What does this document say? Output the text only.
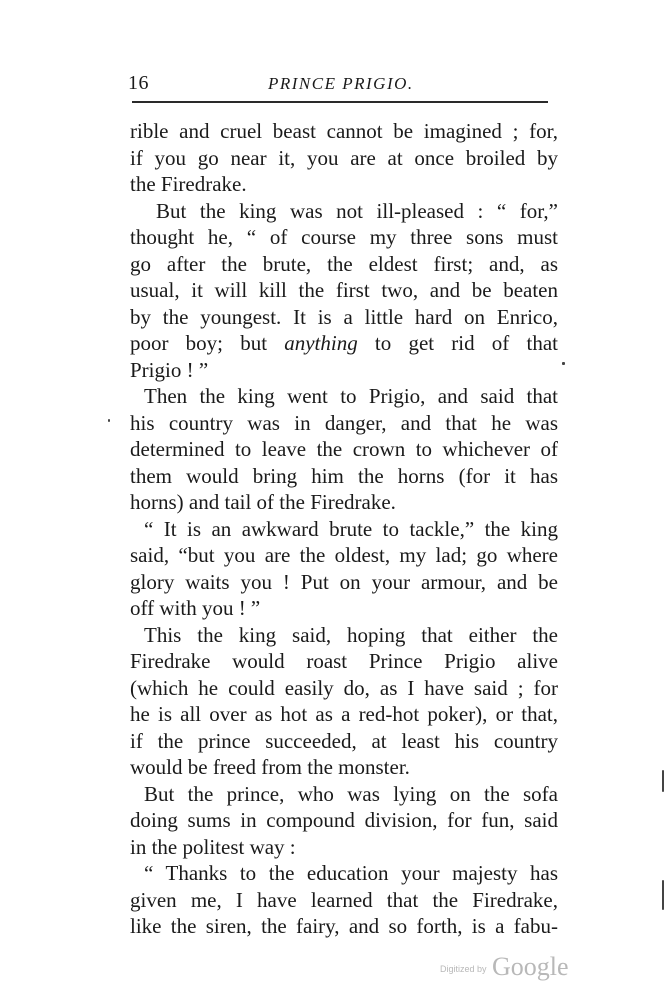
16	PRINCE PRIGIO.
rible and cruel beast cannot be imagined ; for,
if you go near it, you are at once broiled by
the Firedrake.
But the king was not ill-pleased : “ for,”
thought he, “ of course my three sons must
go after the brute, the eldest first; and, as
usual, it will kill the first two, and be beaten
by the youngest. It is a little hard on Enrico,
poor boy; but anything to get rid of that
Prigio ! ”
Then the king went to Prigio, and said that
his country was in danger, and that he was
determined to leave the crown to whichever of
them would bring him the horns (for it has
horns) and tail of the Firedrake.
“ It is an awkward brute to tackle,” the king
said, “but you are the oldest, my lad; go where
glory waits you ! Put on your armour, and be
off with you ! ”
This the king said, hoping that either the
Firedrake would roast Prince Prigio alive
(which he could easily do, as I have said ; for
he is all over as hot as a red-hot poker), or that,
if the prince succeeded, at least his country
would be freed from the monster.
But the prince, who was lying on the sofa
doing sums in compound division, for fun, said
in the politest way :
“ Thanks to the education your majesty has
given me, I have learned that the Firedrake,
like the siren, the fairy, and so forth, is a fabu-
Digitized by Google
